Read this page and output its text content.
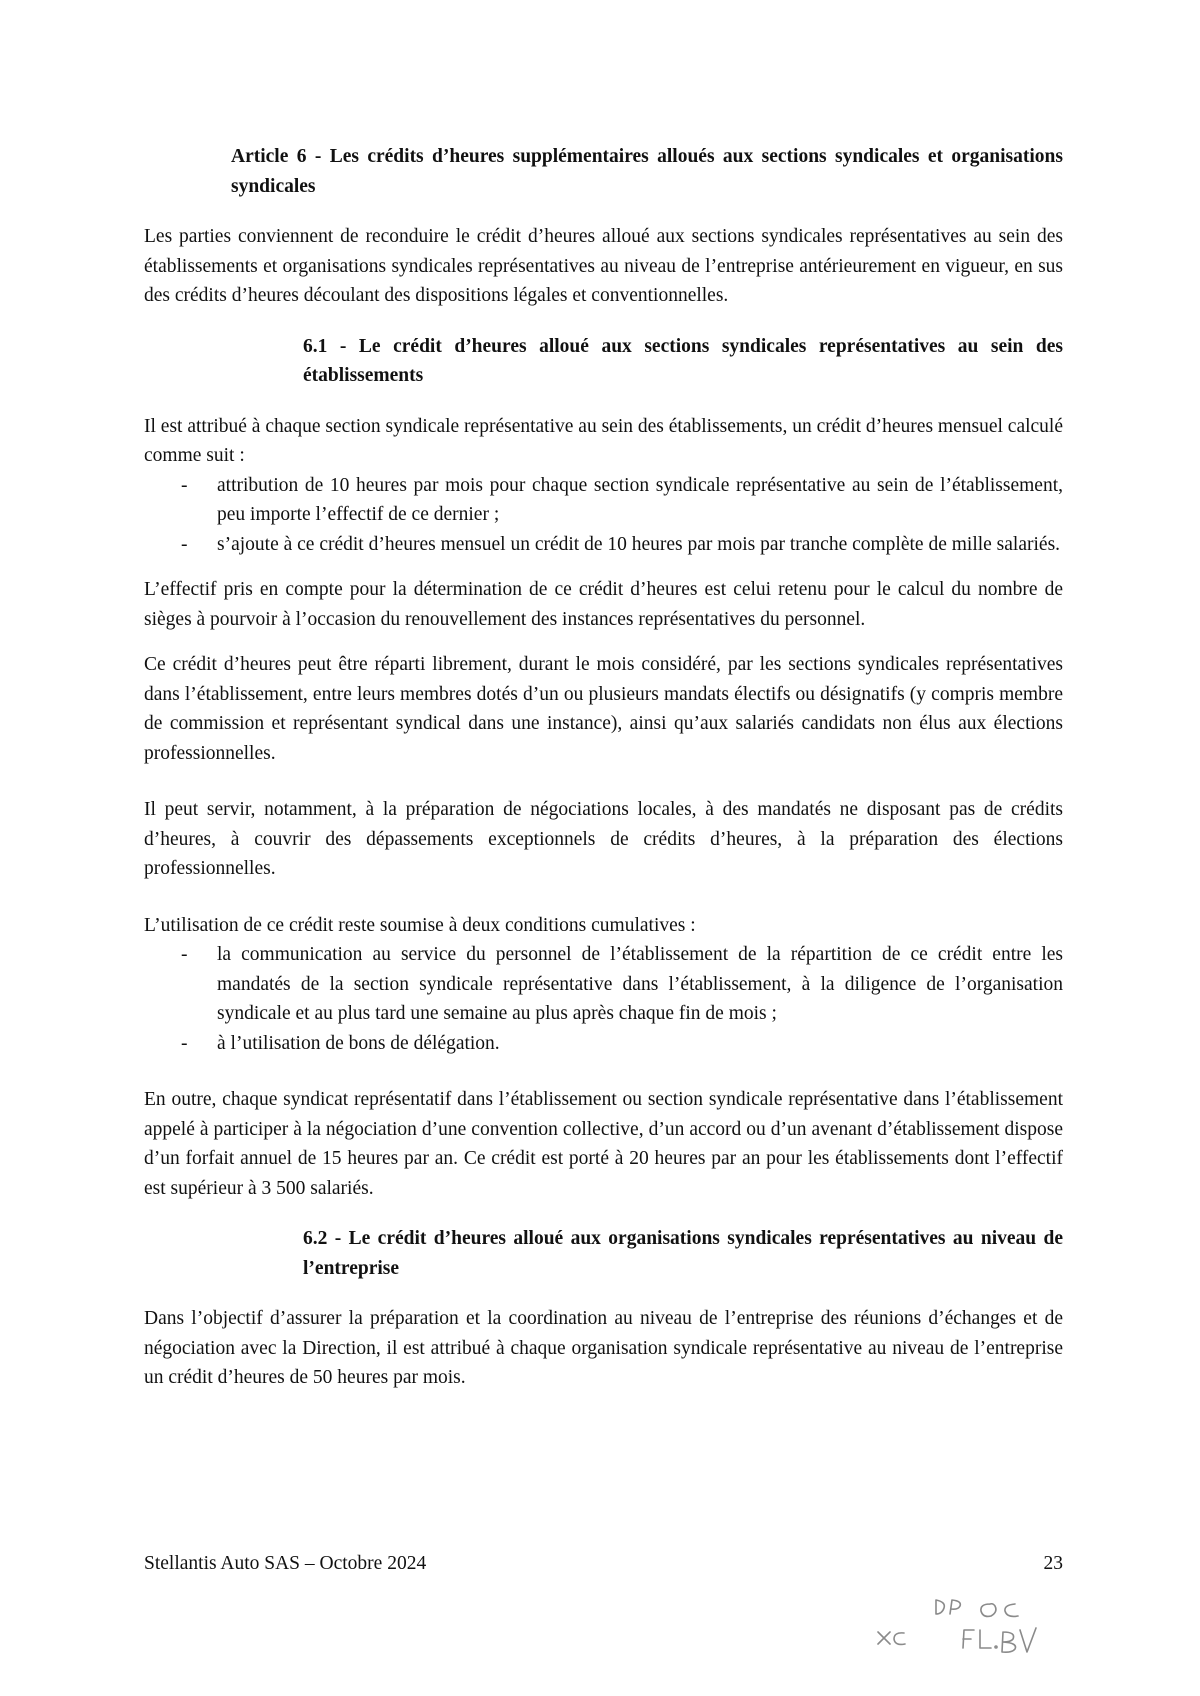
Article 6 - Les crédits d’heures supplémentaires alloués aux sections syndicales et organisations syndicales

Les parties conviennent de reconduire le crédit d’heures alloué aux sections syndicales représentatives au sein des établissements et organisations syndicales représentatives au niveau de l’entreprise antérieurement en vigueur, en sus des crédits d’heures découlant des dispositions légales et conventionnelles.

6.1 - Le crédit d’heures alloué aux sections syndicales représentatives au sein des établissements

Il est attribué à chaque section syndicale représentative au sein des établissements, un crédit d’heures mensuel calculé comme suit :

- attribution de 10 heures par mois pour chaque section syndicale représentative au sein de l’établissement, peu importe l’effectif de ce dernier ;
- s’ajoute à ce crédit d’heures mensuel un crédit de 10 heures par mois par tranche complète de mille salariés.

L’effectif pris en compte pour la détermination de ce crédit d’heures est celui retenu pour le calcul du nombre de sièges à pourvoir à l’occasion du renouvellement des instances représentatives du personnel.

Ce crédit d’heures peut être réparti librement, durant le mois considéré, par les sections syndicales représentatives dans l’établissement, entre leurs membres dotés d’un ou plusieurs mandats électifs ou désignatifs (y compris membre de commission et représentant syndical dans une instance), ainsi qu’aux salariés candidats non élus aux élections professionnelles.

Il peut servir, notamment, à la préparation de négociations locales, à des mandatés ne disposant pas de crédits d’heures, à couvrir des dépassements exceptionnels de crédits d’heures, à la préparation des élections professionnelles.

L’utilisation de ce crédit reste soumise à deux conditions cumulatives :

- la communication au service du personnel de l’établissement de la répartition de ce crédit entre les mandatés de la section syndicale représentative dans l’établissement, à la diligence de l’organisation syndicale et au plus tard une semaine au plus après chaque fin de mois ;
- à l’utilisation de bons de délégation.

En outre, chaque syndicat représentatif dans l’établissement ou section syndicale représentative dans l’établissement appelé à participer à la négociation d’une convention collective, d’un accord ou d’un avenant d’établissement dispose d’un forfait annuel de 15 heures par an. Ce crédit est porté à 20 heures par an pour les établissements dont l’effectif est supérieur à 3 500 salariés.

6.2 - Le crédit d’heures alloué aux organisations syndicales représentatives au niveau de l’entreprise

Dans l’objectif d’assurer la préparation et la coordination au niveau de l’entreprise des réunions d’échanges et de négociation avec la Direction, il est attribué à chaque organisation syndicale représentative au niveau de l’entreprise un crédit d’heures de 50 heures par mois.

Stellantis Auto SAS – Octobre 2024	23
